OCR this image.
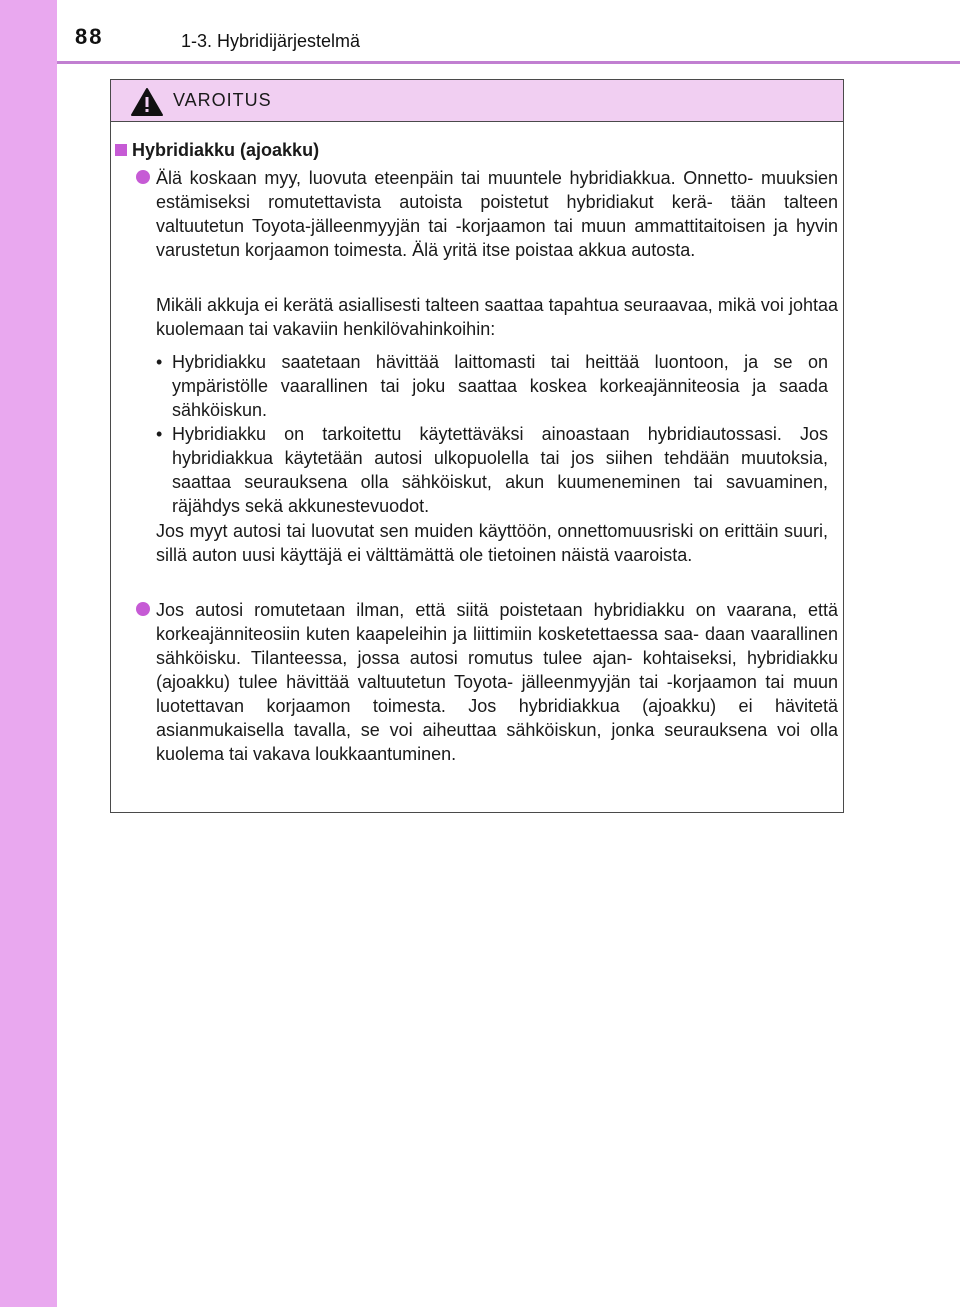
88	1-3. Hybridijärjestelmä
VAROITUS
Hybridiakku (ajoakku)
Älä koskaan myy, luovuta eteenpäin tai muuntele hybridiakkua. Onnetto- muuksien estämiseksi romutettavista autoista poistetut hybridiakut kerä- tään talteen valtuutetun Toyota-jälleenmyyjän tai -korjaamon tai muun ammattitaitoisen ja hyvin varustetun korjaamon toimesta. Älä yritä itse poistaa akkua autosta.
Mikäli akkuja ei kerätä asiallisesti talteen saattaa tapahtua seuraavaa, mikä voi johtaa kuolemaan tai vakaviin henkilövahinkoihin:
• Hybridiakku saatetaan hävittää laittomasti tai heittää luontoon, ja se on ympäristölle vaarallinen tai joku saattaa koskea korkeajänniteosia ja saada sähköiskun.
• Hybridiakku on tarkoitettu käytettäväksi ainoastaan hybridiautossasi. Jos hybridiakkua käytetään autosi ulkopuolella tai jos siihen tehdään muutoksia, saattaa seurauksena olla sähköiskut, akun kuumeneminen tai savuaminen, räjähdys sekä akkunestevuodot.
Jos myyt autosi tai luovutat sen muiden käyttöön, onnettomuusriski on erittäin suuri, sillä auton uusi käyttäjä ei välttämättä ole tietoinen näistä vaaroista.
Jos autosi romutetaan ilman, että siitä poistetaan hybridiakku on vaarana, että korkeajänniteosiin kuten kaapeleihin ja liittimiin kosketettaessa saa- daan vaarallinen sähköisku. Tilanteessa, jossa autosi romutus tulee ajan- kohtaiseksi, hybridiakku (ajoakku) tulee hävittää valtuutetun Toyota- jälleenmyyjän tai -korjaamon tai muun luotettavan korjaamon toimesta. Jos hybridiakkua (ajoakku) ei hävitetä asianmukaisella tavalla, se voi aiheuttaa sähköiskun, jonka seurauksena voi olla kuolema tai vakava loukkaantuminen.
